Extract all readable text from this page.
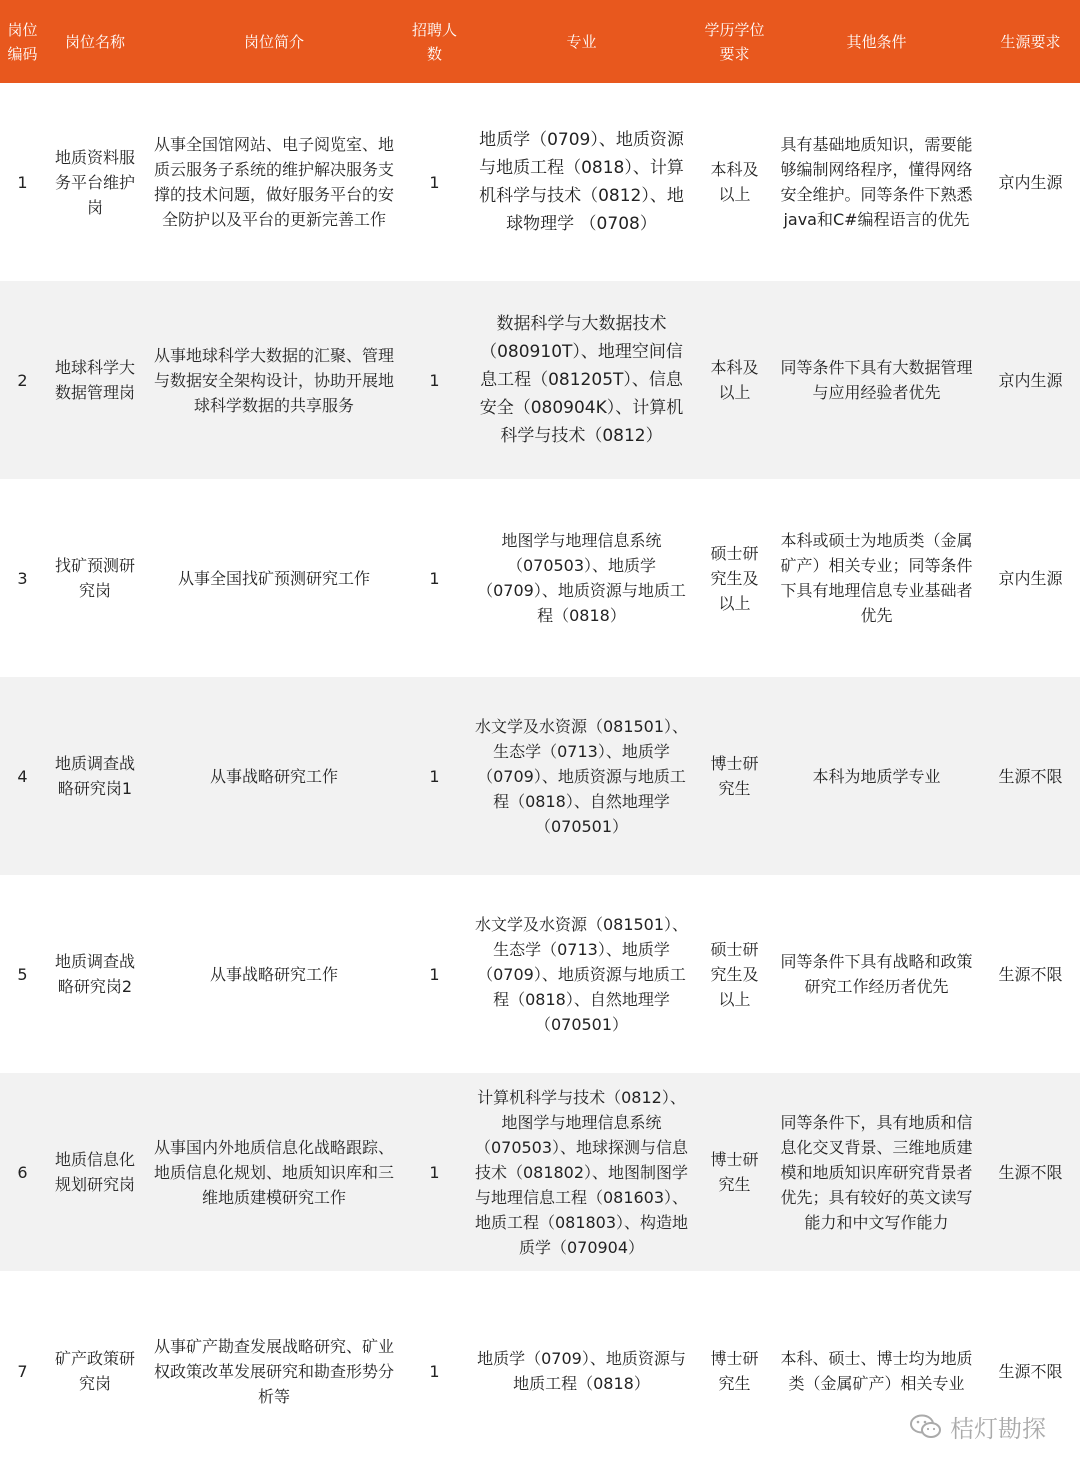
岗位编码	岗位名称	岗位简介	招聘人数	专业	学历学位要求	其他条件	生源要求
1	地质资料服务平台维护岗	从事全国馆网站、电子阅览室、地质云服务子系统的维护解决服务支撑的技术问题，做好服务平台的安全防护以及平台的更新完善工作	1	地质学（0709）、地质资源与地质工程（0818）、计算机科学与技术（0812）、地球物理学 （0708）	本科及以上	具有基础地质知识，需要能够编制网络程序，懂得网络安全维护。同等条件下熟悉java和C#编程语言的优先	京内生源
2	地球科学大数据管理岗	从事地球科学大数据的汇聚、管理与数据安全架构设计，协助开展地球科学数据的共享服务	1	数据科学与大数据技术（080910T）、地理空间信息工程（081205T）、信息安全（080904K）、计算机科学与技术（0812）	本科及以上	同等条件下具有大数据管理与应用经验者优先	京内生源
3	找矿预测研究岗	从事全国找矿预测研究工作	1	地图学与地理信息系统（070503）、地质学（0709）、地质资源与地质工程（0818）	硕士研究生及以上	本科或硕士为地质类（金属矿产）相关专业；同等条件下具有地理信息专业基础者优先	京内生源
4	地质调查战略研究岗1	从事战略研究工作	1	水文学及水资源（081501）、生态学（0713）、地质学（0709）、地质资源与地质工程（0818）、自然地理学（070501）	博士研究生	本科为地质学专业	生源不限
5	地质调查战略研究岗2	从事战略研究工作	1	水文学及水资源（081501）、生态学（0713）、地质学（0709）、地质资源与地质工程（0818）、自然地理学（070501）	硕士研究生及以上	同等条件下具有战略和政策研究工作经历者优先	生源不限
6	地质信息化规划研究岗	从事国内外地质信息化战略跟踪、地质信息化规划、地质知识库和三维地质建模研究工作	1	计算机科学与技术（0812）、地图学与地理信息系统（070503）、地球探测与信息技术（081802）、地图制图学与地理信息工程（081603）、地质工程（081803）、构造地质学（070904）	博士研究生	同等条件下，具有地质和信息化交叉背景、三维地质建模和地质知识库研究背景者优先；具有较好的英文读写能力和中文写作能力	生源不限
7	矿产政策研究岗	从事矿产勘查发展战略研究、矿业权政策改革发展研究和勘查形势分析等	1	地质学（0709）、地质资源与地质工程（0818）	博士研究生	本科、硕士、博士均为地质类（金属矿产）相关专业	生源不限
桔灯勘探
